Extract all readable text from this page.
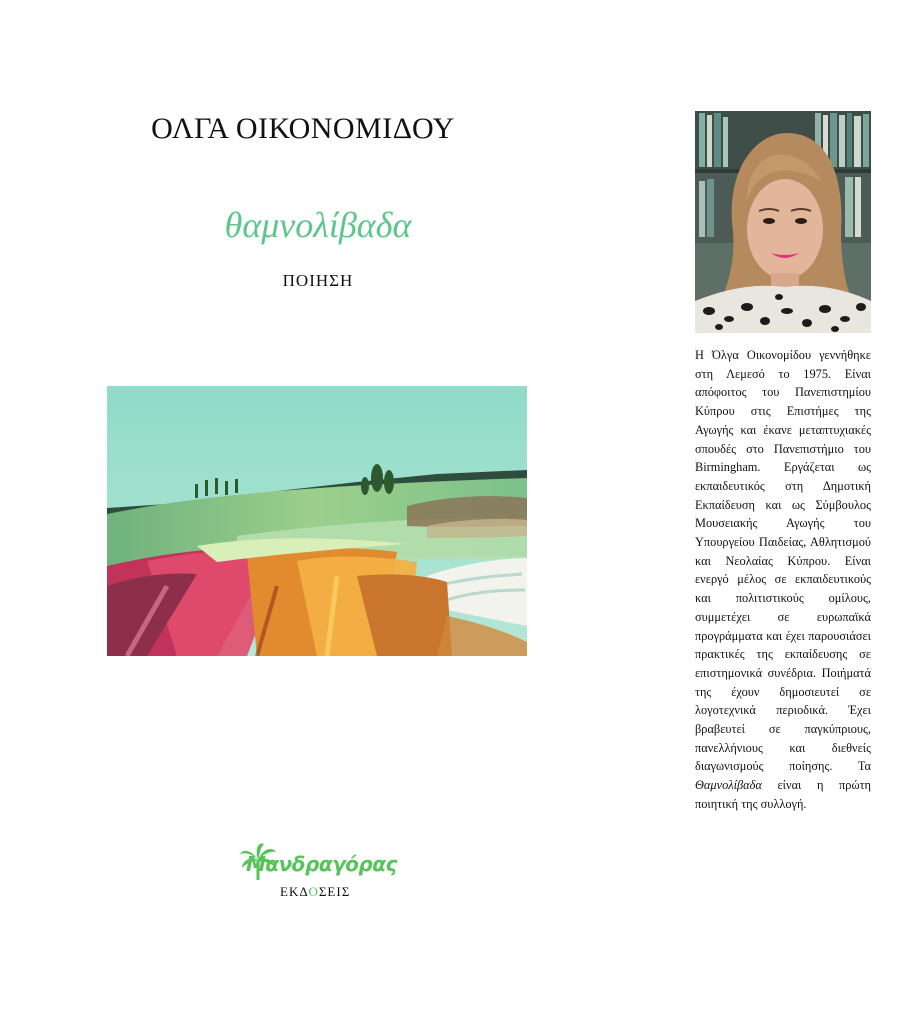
ΟΛΓΑ ΟΙΚΟΝΟΜΙΔΟΥ
θαμνολίβαδα
ΠΟΙΗΣΗ
Μανδραγόρας
ΕΚΔΟΣΕΙΣ
Η Όλγα Οικονομίδου γεννήθηκε στη Λεμεσό το 1975. Είναι απόφοιτος του Πανεπιστημίου Κύπρου στις Επιστήμες της Αγωγής και έκανε μεταπτυχιακές σπουδές στο Πανεπιστήμιο του Birmingham. Εργάζεται ως εκπαιδευτικός στη Δημοτική Εκπαίδευση και ως Σύμβουλος Μουσειακής Αγωγής του Υπουργείου Παιδείας, Αθλητισμού και Νεολαίας Κύπρου. Είναι ενεργό μέλος σε εκπαιδευτικούς και πολιτιστικούς ομίλους, συμμετέχει σε ευρωπαϊκά προγράμματα και έχει παρουσιάσει πρακτικές της εκπαίδευσης σε επιστημονικά συνέδρια. Ποιήματά της έχουν δημοσιευτεί σε λογοτεχνικά περιοδικά. Έχει βραβευτεί σε παγκύπριους, πανελλήνιους και διεθνείς διαγωνισμούς ποίησης. Τα Θαμνολίβαδα είναι η πρώτη ποιητική της συλλογή.
